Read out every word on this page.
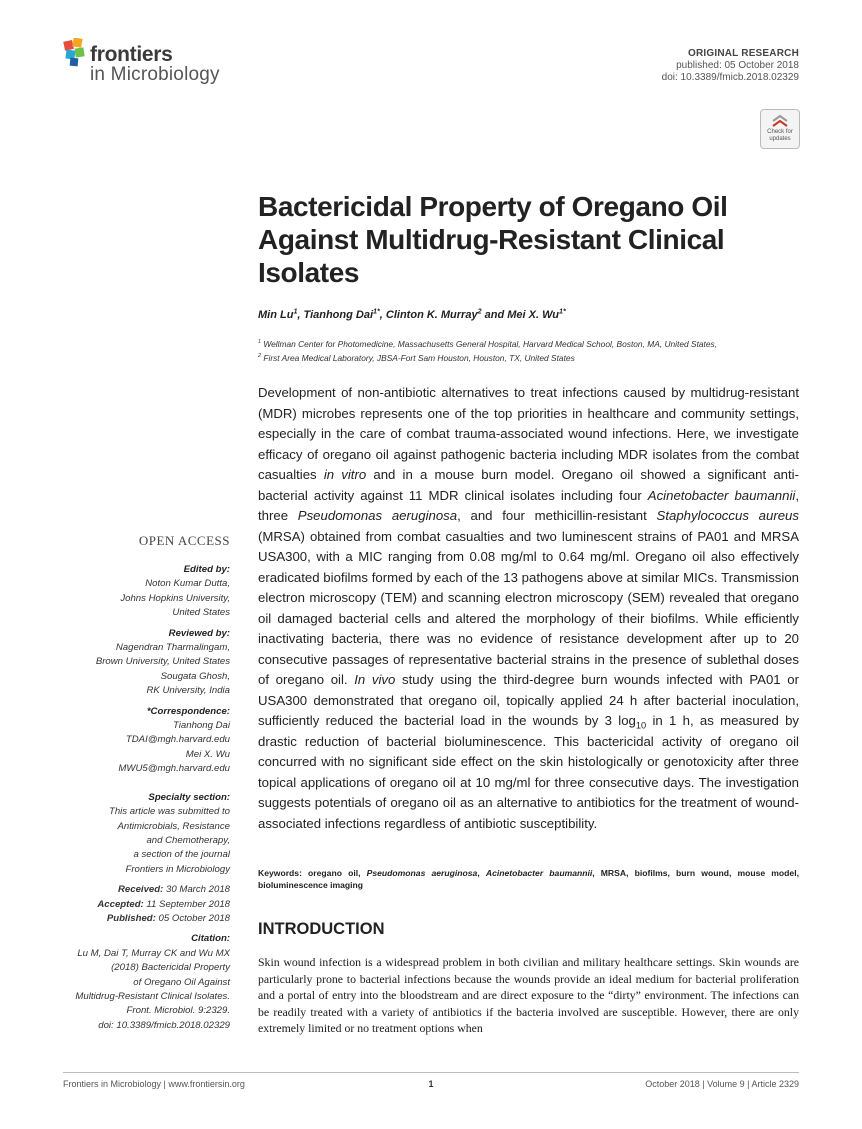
frontiers
in Microbiology
ORIGINAL RESEARCH
published: 05 October 2018
doi: 10.3389/fmicb.2018.02329
Check for
updates
Bactericidal Property of Oregano Oil Against Multidrug-Resistant Clinical Isolates
Min Lu$^1$, Tianhong Dai$^{1*}$, Clinton K. Murray$^2$ and Mei X. $Wu^{1*}$
$^1$ Wellman Center for Photomedicine, Massachusetts General Hospital, Harvard Medical School, Boston, MA, United States,
$^2$ First Area Medical Laboratory, JBSA-Fort Sam Houston, Houston, TX, United States
Development of non-antibiotic alternatives to treat infections caused by multidrug-resistant (MDR) microbes represents one of the top priorities in healthcare and community settings, especially in the care of combat trauma-associated wound infections. Here, we investigate efficacy of oregano oil against pathogenic bacteria including MDR isolates from the combat casualties in vitro and in a mouse burn model. Oregano oil showed a significant anti-bacterial activity against 11 MDR clinical isolates including four Acinetobacter baumannii, three Pseudomonas aeruginosa, and four methicillin-resistant Staphylococcus aureus (MRSA) obtained from combat casualties and two luminescent strains of PA01 and MRSA USA300, with a MIC ranging from 0.08 mg/ml to 0.64 mg/ml. Oregano oil also effectively eradicated biofilms formed by each of the 13 pathogens above at similar MICs. Transmission electron microscopy (TEM) and scanning electron microscopy (SEM) revealed that oregano oil damaged bacterial cells and altered the morphology of their biofilms. While efficiently inactivating bacteria, there was no evidence of resistance development after up to 20 consecutive passages of representative bacterial strains in the presence of sublethal doses of oregano oil. In vivo study using the third-degree burn wounds infected with PA01 or USA300 demonstrated that oregano oil, topically applied 24 h after bacterial inoculation, sufficiently reduced the bacterial load in the wounds by 3 $\log_{10}$ in 1 h, as measured by drastic reduction of bacterial bioluminescence. This bactericidal activity of oregano oil concurred with no significant side effect on the skin histologically or genotoxicity after three topical applications of oregano oil at 10 mg/ml for three consecutive days. The investigation suggests potentials of oregano oil as an alternative to antibiotics for the treatment of wound-associated infections regardless of antibiotic susceptibility.
Keywords: oregano oil, Pseudomonas aeruginosa, Acinetobacter baumannii, MRSA, biofilms, burn wound, mouse model, bioluminescence imaging
OPEN ACCESS
Edited by:
Noton Kumar Dutta,
Johns Hopkins University,
United States
Reviewed by:
Nagendran Tharmalingam,
Brown University, United States
Sougata Ghosh,
RK University, India
*Correspondence:
Tianhong Dai
TDAI@mgh.harvard.edu
Mei X. Wu
MWU5@mgh.harvard.edu
Specialty section:
This article was submitted to
Antimicrobials, Resistance
and Chemotherapy,
a section of the journal
Frontiers in Microbiology
Received: 30 March 2018
Accepted: 11 September 2018
Published: 05 October 2018
Citation:
Lu M, Dai T, Murray CK and Wu MX
(2018) Bactericidal Property
of Oregano Oil Against
Multidrug-Resistant Clinical Isolates.
Front. Microbiol. 9:2329.
doi: 10.3389/fmicb.2018.02329
INTRODUCTION
Skin wound infection is a widespread problem in both civilian and military healthcare settings. Skin wounds are particularly prone to bacterial infections because the wounds provide an ideal medium for bacterial proliferation and a portal of entry into the bloodstream and are direct exposure to the “dirty” environment. The infections can be readily treated with a variety of antibiotics if the bacteria involved are susceptible. However, there are only extremely limited or no treatment options when
Frontiers in Microbiology | www.frontiersin.org	1	October 2018 | Volume 9 | Article 2329
